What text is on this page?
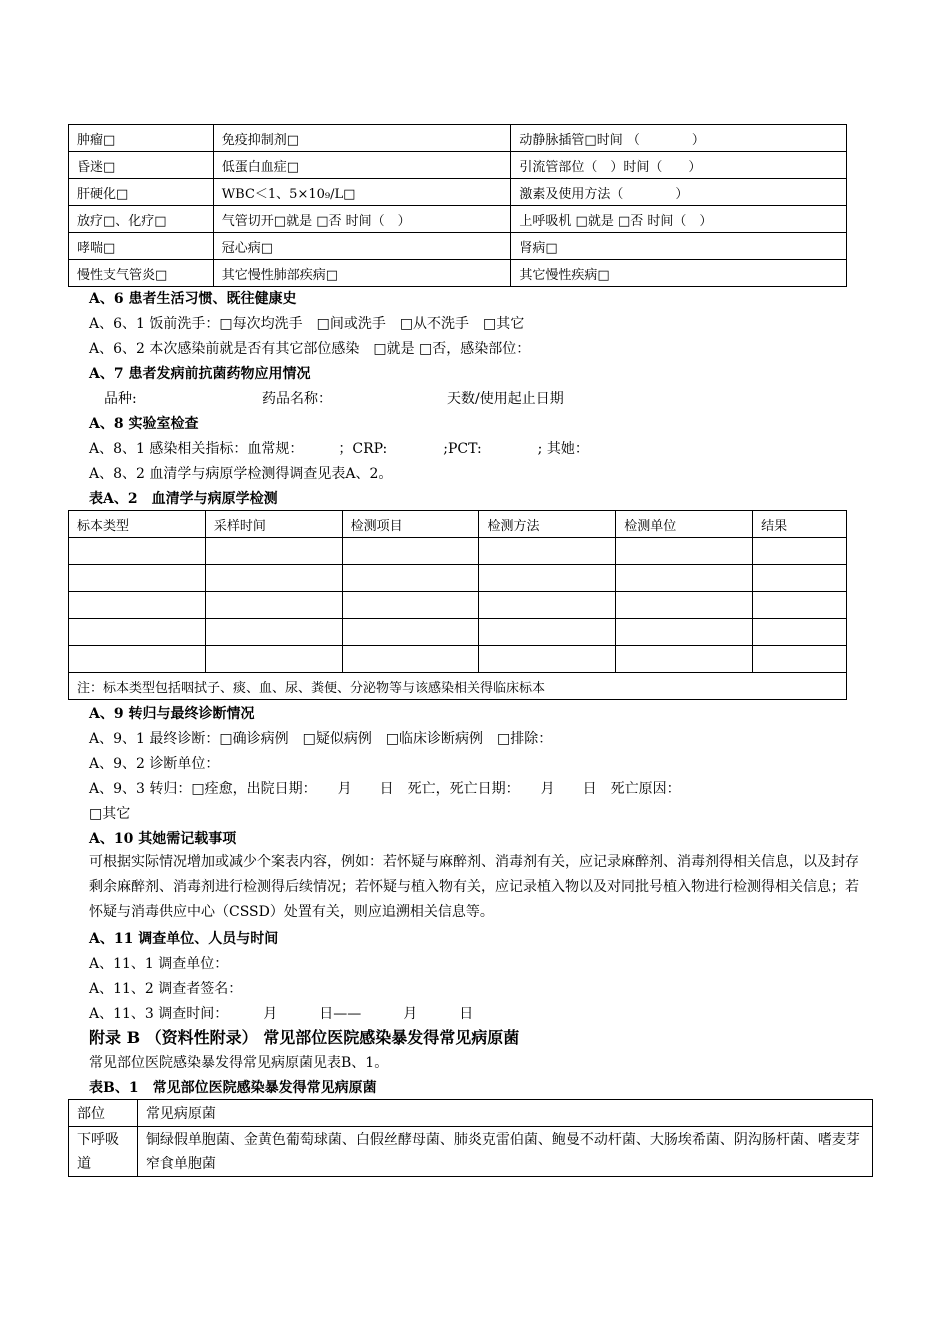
肿瘤□	免疫抑制剂□	动静脉插管□时间 （　　　　）
昏迷□	低蛋白血症□	引流管部位（　）时间（　　）
肝硬化□	WBC＜1、5×10₉/L□	激素及使用方法（　　　　）
放疗□、化疗□	气管切开□就是 □否 时间（　）	上呼吸机 □就是 □否 时间（　）
哮喘□	冠心病□	肾病□
慢性支气管炎□	其它慢性肺部疾病□	其它慢性疾病□
A、6 患者生活习惯、既往健康史
A、6、1 饭前洗手：□每次均洗手　□间或洗手　□从不洗手　□其它
A、6、2 本次感染前就是否有其它部位感染　□就是 □否，感染部位：
A、7 患者发病前抗菌药物应用情况
品种:	药品名称：	天数/使用起止日期
A、8 实验室检查
A、8、1 感染相关指标：血常规：　　　；CRP:　　　　;PCT:　　　　; 其她：
A、8、2 血清学与病原学检测得调查见表A、2。
表A、2　血清学与病原学检测
标本类型	采样时间	检测项目	检测方法	检测单位	结果

注：标本类型包括咽拭子、痰、血、尿、粪便、分泌物等与该感染相关得临床标本					
A、9 转归与最终诊断情况
A、9、1 最终诊断：□确诊病例　□疑似病例　□临床诊断病例　□排除：
A、9、2 诊断单位：
A、9、3 转归：□痊愈，出院日期：　　月　　日　死亡，死亡日期：　　月　　日　死亡原因：
□其它
A、10 其她需记载事项
可根据实际情况增加或减少个案表内容，例如：若怀疑与麻醉剂、消毒剂有关，应记录麻醉剂、消毒剂得相关信息，以及封存剩余麻醉剂、消毒剂进行检测得后续情况；若怀疑与植入物有关，应记录植入物以及对同批号植入物进行检测得相关信息；若怀疑与消毒供应中心（CSSD）处置有关，则应追溯相关信息等。
A、11 调查单位、人员与时间
A、11、1 调查单位：
A、11、2 调查者签名：
A、11、3 调查时间：　　　月　　　日——　　　月　　　日
附录 B （资料性附录） 常见部位医院感染暴发得常见病原菌
常见部位医院感染暴发得常见病原菌见表B、1。
表B、1　常见部位医院感染暴发得常见病原菌
部位	常见病原菌
下呼吸道	铜绿假单胞菌、金黄色葡萄球菌、白假丝酵母菌、肺炎克雷伯菌、鲍曼不动杆菌、大肠埃希菌、阴沟肠杆菌、嗜麦芽窄食单胞菌
